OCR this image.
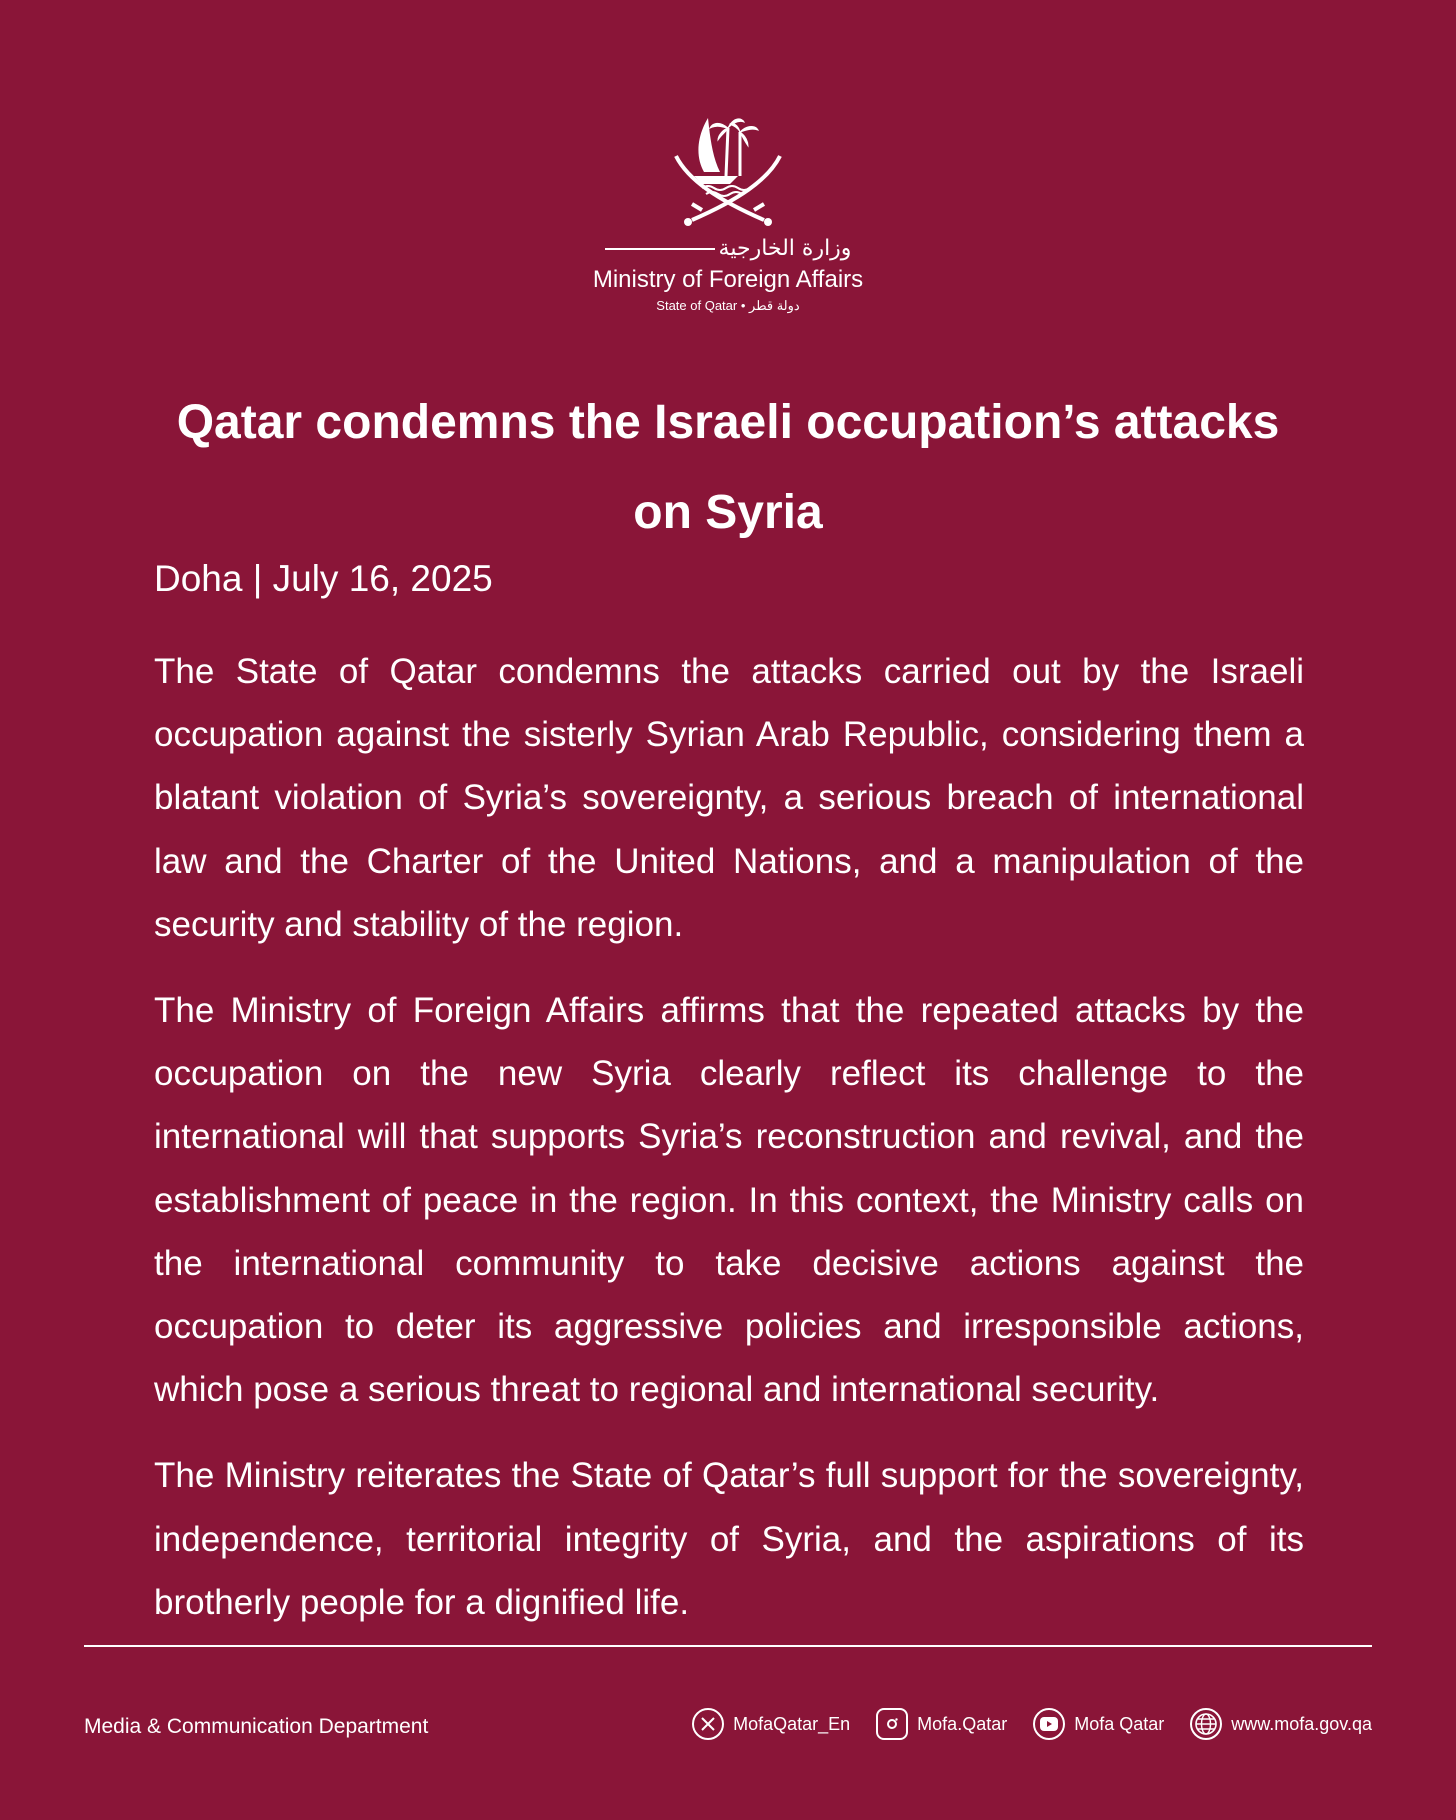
وزارة الخارجية
Ministry of Foreign Affairs
State of Qatar • دولة قطر
Qatar condemns the Israeli occupation’s attacks
on Syria
Doha | July 16, 2025

The State of Qatar condemns the attacks carried out by the Israeli occupation against the sisterly Syrian Arab Republic, considering them a blatant violation of Syria’s sovereignty, a serious breach of international law and the Charter of the United Nations, and a manipulation of the security and stability of the region.

The Ministry of Foreign Affairs affirms that the repeated attacks by the occupation on the new Syria clearly reflect its challenge to the international will that supports Syria’s reconstruction and revival, and the establishment of peace in the region. In this context, the Ministry calls on the international community to take decisive actions against the occupation to deter its aggressive policies and irresponsible actions, which pose a serious threat to regional and international security.

The Ministry reiterates the State of Qatar’s full support for the sovereignty, independence, territorial integrity of Syria, and the aspirations of its brotherly people for a dignified life.

Media & Communication Department	MofaQatar_En	Mofa.Qatar	Mofa Qatar	www.mofa.gov.qa
